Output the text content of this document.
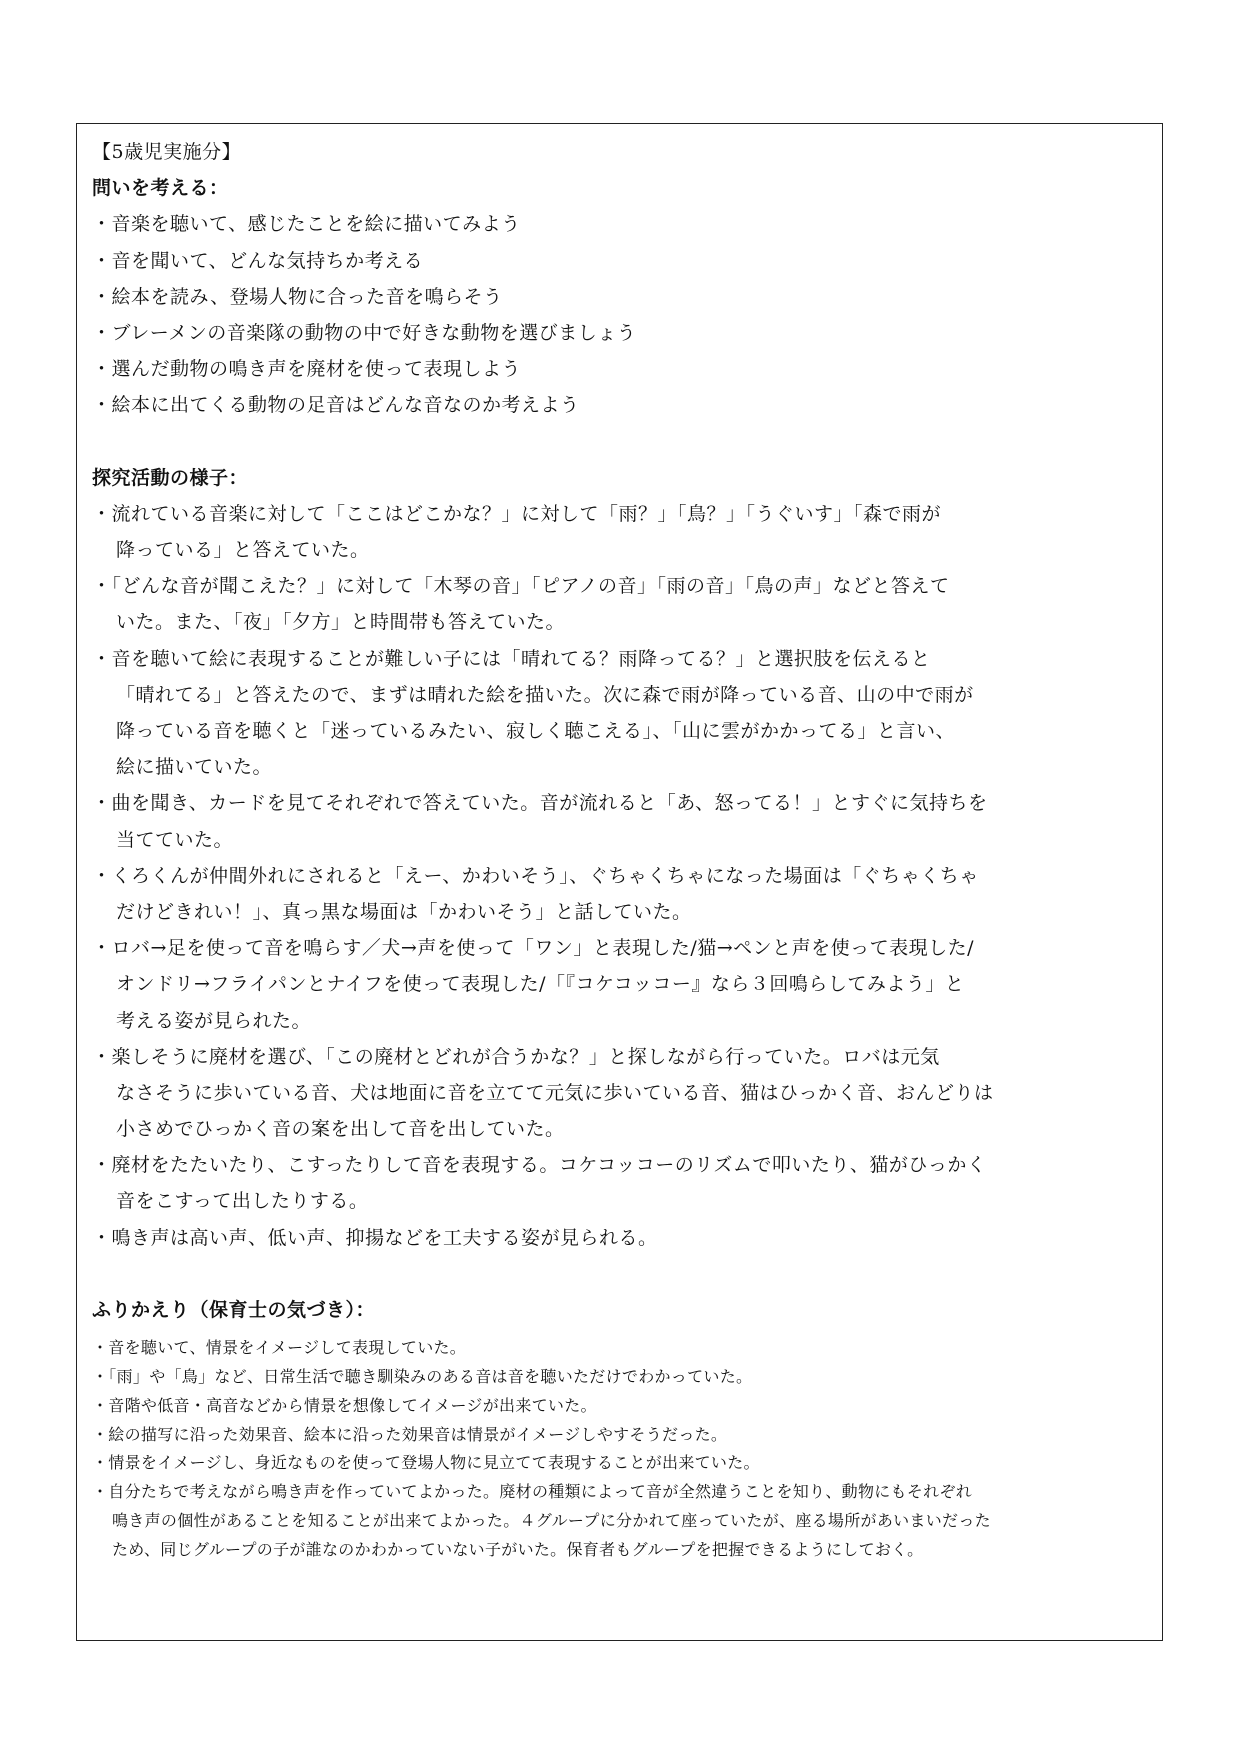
【5歳児実施分】
問いを考える：
・音楽を聴いて、感じたことを絵に描いてみよう
・音を聞いて、どんな気持ちか考える
・絵本を読み、登場人物に合った音を鳴らそう
・ブレーメンの音楽隊の動物の中で好きな動物を選びましょう
・選んだ動物の鳴き声を廃材を使って表現しよう
・絵本に出てくる動物の足音はどんな音なのか考えよう
探究活動の様子：
・流れている音楽に対して「ここはどこかな？」に対して「雨？」「鳥？」「うぐいす」「森で雨が
降っている」と答えていた。
・「どんな音が聞こえた？」に対して「木琴の音」「ピアノの音」「雨の音」「鳥の声」などと答えて
いた。また、「夜」「夕方」と時間帯も答えていた。
・音を聴いて絵に表現することが難しい子には「晴れてる？雨降ってる？」と選択肢を伝えると
「晴れてる」と答えたので、まずは晴れた絵を描いた。次に森で雨が降っている音、山の中で雨が
降っている音を聴くと「迷っているみたい、寂しく聴こえる」、「山に雲がかかってる」と言い、
絵に描いていた。
・曲を聞き、カードを見てそれぞれで答えていた。音が流れると「あ、怒ってる！」とすぐに気持ちを
当てていた。
・くろくんが仲間外れにされると「えー、かわいそう」、ぐちゃくちゃになった場面は「ぐちゃくちゃ
だけどきれい！」、真っ黒な場面は「かわいそう」と話していた。
・ロバ→足を使って音を鳴らす／犬→声を使って「ワン」と表現した/猫→ペンと声を使って表現した/
オンドリ→フライパンとナイフを使って表現した/「『コケコッコー』なら３回鳴らしてみよう」と
考える姿が見られた。
・楽しそうに廃材を選び、「この廃材とどれが合うかな？」と探しながら行っていた。ロバは元気
なさそうに歩いている音、犬は地面に音を立てて元気に歩いている音、猫はひっかく音、おんどりは
小さめでひっかく音の案を出して音を出していた。
・廃材をたたいたり、こすったりして音を表現する。コケコッコーのリズムで叩いたり、猫がひっかく
音をこすって出したりする。
・鳴き声は高い声、低い声、抑揚などを工夫する姿が見られる。
ふりかえり（保育士の気づき）：
・音を聴いて、情景をイメージして表現していた。
・「雨」や「鳥」など、日常生活で聴き馴染みのある音は音を聴いただけでわかっていた。
・音階や低音・高音などから情景を想像してイメージが出来ていた。
・絵の描写に沿った効果音、絵本に沿った効果音は情景がイメージしやすそうだった。
・情景をイメージし、身近なものを使って登場人物に見立てて表現することが出来ていた。
・自分たちで考えながら鳴き声を作っていてよかった。廃材の種類によって音が全然違うことを知り、動物にもそれぞれ
鳴き声の個性があることを知ることが出来てよかった。４グループに分かれて座っていたが、座る場所があいまいだった
ため、同じグループの子が誰なのかわかっていない子がいた。保育者もグループを把握できるようにしておく。
